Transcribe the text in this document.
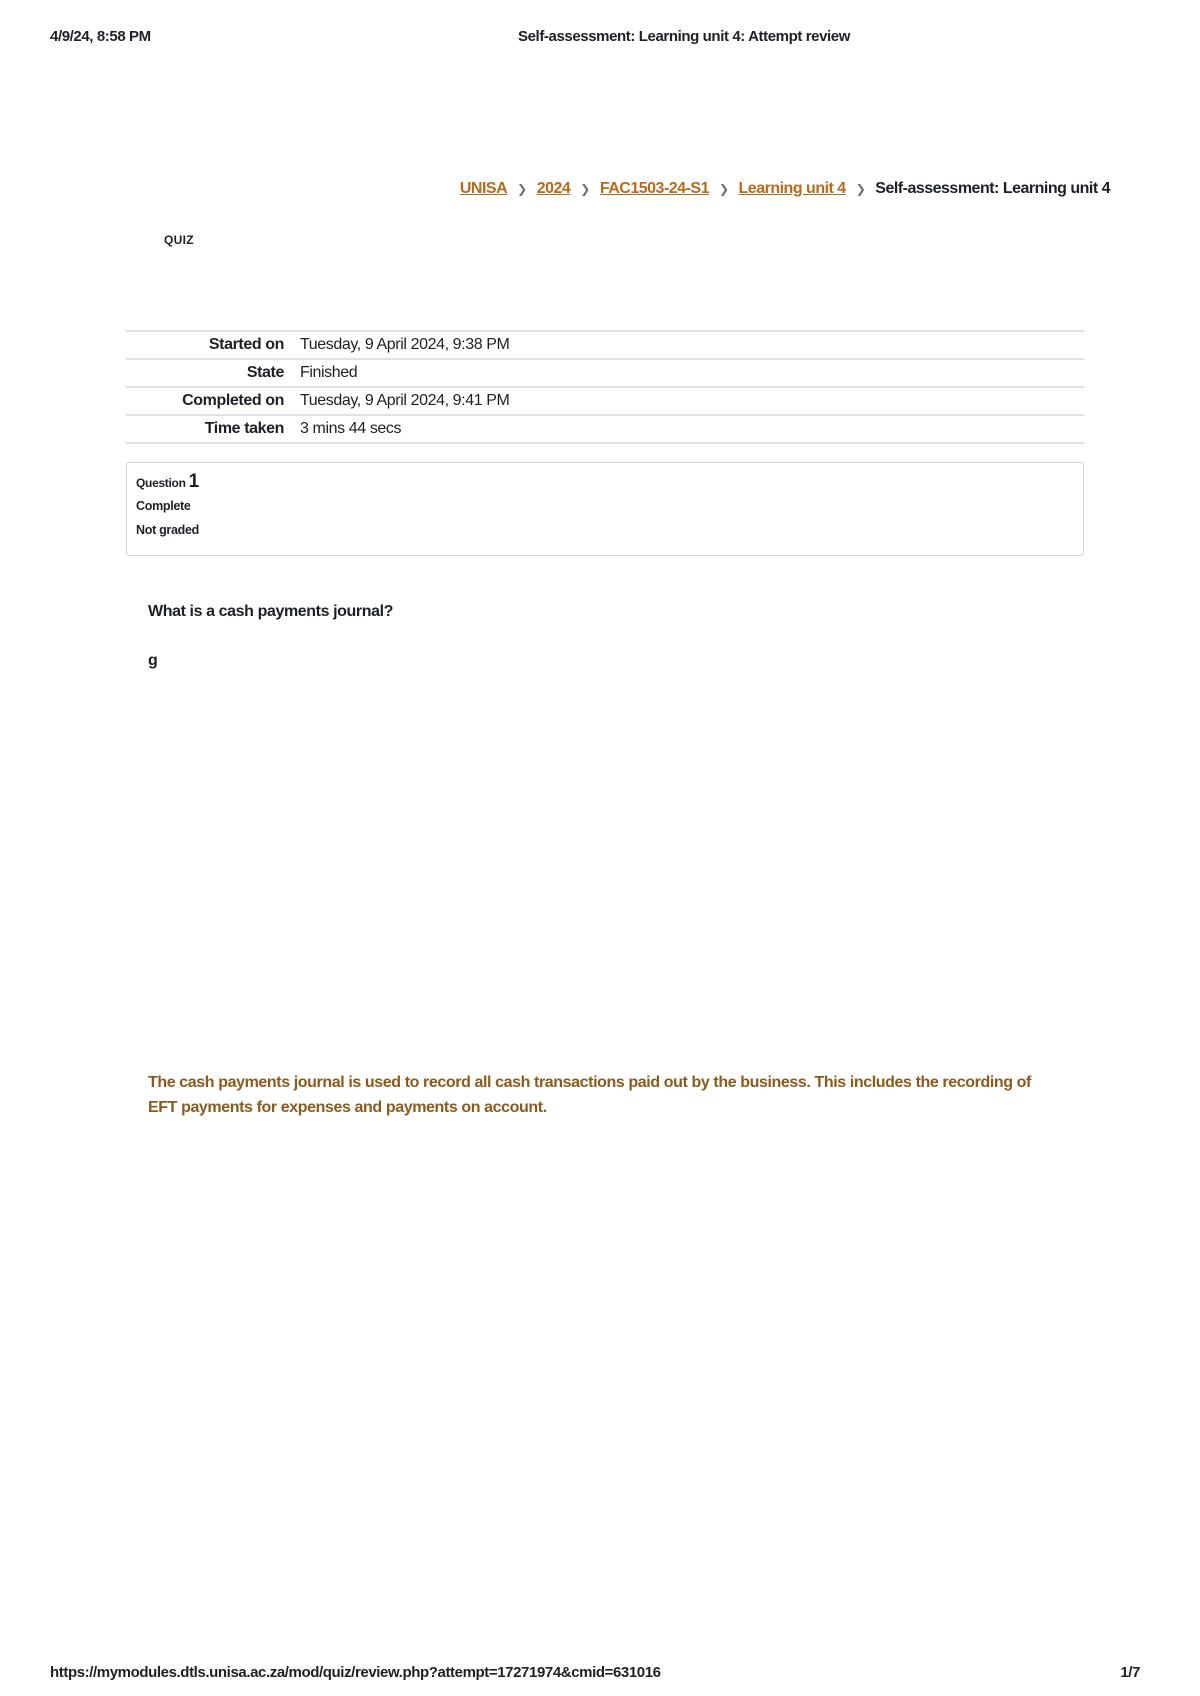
4/9/24, 8:58 PM	Self-assessment: Learning unit 4: Attempt review
UNISA ❯ 2024 ❯ FAC1503-24-S1 ❯ Learning unit 4 ❯ Self-assessment: Learning unit 4
QUIZ
Started on	Tuesday, 9 April 2024, 9:38 PM
State	Finished
Completed on	Tuesday, 9 April 2024, 9:41 PM
Time taken	3 mins 44 secs
Question 1
Complete
Not graded
What is a cash payments journal?
g
The cash payments journal is used to record all cash transactions paid out by the business. This includes the recording of EFT payments for expenses and payments on account.
https://mymodules.dtls.unisa.ac.za/mod/quiz/review.php?attempt=17271974&cmid=631016	1/7
